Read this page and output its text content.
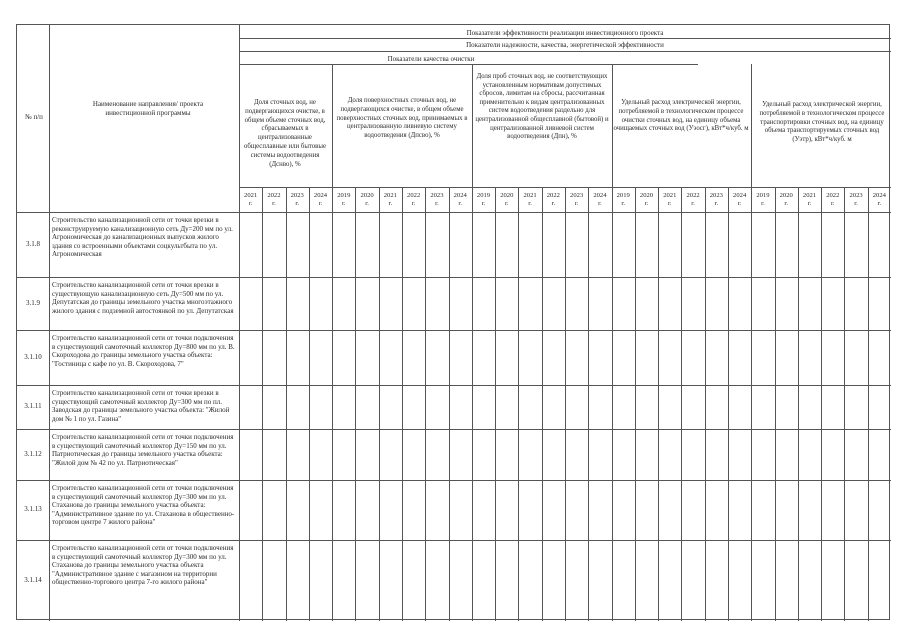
№ п/п
Наименование направления/ проекта инвестиционной программы
Показатели эффективности реализации инвестиционного проекта
Показатели надежности, качества, энергетической эффективности
Показатели качества очистки
Доля сточных вод, не подвергающихся очистке, в общем объеме сточных вод, сбрасываемых в централизованные общесплавные или бытовые системы водоотведения (Дснво), %
Доля поверхностных сточных вод, не подвергающихся очистке, в общем объеме поверхностных сточных вод, принимаемых в централизованную ливневую систему водоотведения (Дпсво), %
Доля проб сточных вод, не соответствующих установленным нормативам допустимых сбросов, лимитам на сбросы, рассчитанная применительно к видам централизованных систем водоотведения раздельно для централизованной общесплавной (бытовой) и централизованной ливневой систем водоотведения (Дпн), %
Удельный расход электрической энергии, потребляемой в технологическом процессе очистки сточных вод, на единицу объема очищаемых сточных вод (Уэосг), кВт*ч/куб. м
Удельный расход электрической энергии, потребляемой в технологическом процессе транспортировки сточных вод, на единицу объема транспортируемых сточных вод (Уэтр), кВт*ч/куб. м
2021
г.
2022
г.
2023
г.
2024
г.
2019
г.
2020
г.
2021
г.
2022
г.
2023
г.
2024
г.
2019
г.
2020
г.
2021
г.
2022
г.
2023
г.
2024
г.
2019
г.
2020
г.
2021
г.
2022
г.
2023
г.
2024
г.
2019
г.
2020
г.
2021
г.
2022
г.
2023
г.
2024
г.
3.1.8
Строительство канализационной сети от точки врезки в реконструируемую канализационную сеть Ду=200 мм по ул. Агрономическая до канализационных выпусков жилого здания со встроенными объектами соцкультбыта по ул. Агрономическая
3.1.9
Строительство канализационной сети от точки врезки в существующую канализационную сеть Ду=500 мм по ул. Депутатская до границы земельного участка многоэтажного жилого здания с подземной автостоянкой по ул. Депутатская
3.1.10
Строительство канализационной сети от точки подключения в существующий самотечный коллектор Ду=800 мм по ул. В. Скороходова до границы земельного участка объекта: "Гостиница с кафе по ул. В. Скороходова, 7"
3.1.11
Строительство канализационной сети от точки врезки в существующий самотечный коллектор Ду=300 мм по пл. Заводская до границы земельного участка объекта: "Жилой дом № 1 по ул. Газина"
3.1.12
Строительство канализационной сети от точки подключения в существующий самотечный коллектор Ду=150 мм по ул. Патриотическая до границы земельного участка объекта: "Жилой дом № 42 по ул. Патриотическая"
3.1.13
Строительство канализационной сети от точки подключения в существующий самотечный коллектор Ду=300 мм по ул. Стаханова до границы земельного участка объекта: "Административное здание по ул. Стаханова в общественно-торговом центре 7 жилого района"
3.1.14
Строительство канализационной сети от точки подключения в существующий самотечный коллектор Ду=300 мм по ул. Стаханова до границы земельного участка объекта "Административное здание с магазином на территории общественно-торгового центра 7-го жилого района"
